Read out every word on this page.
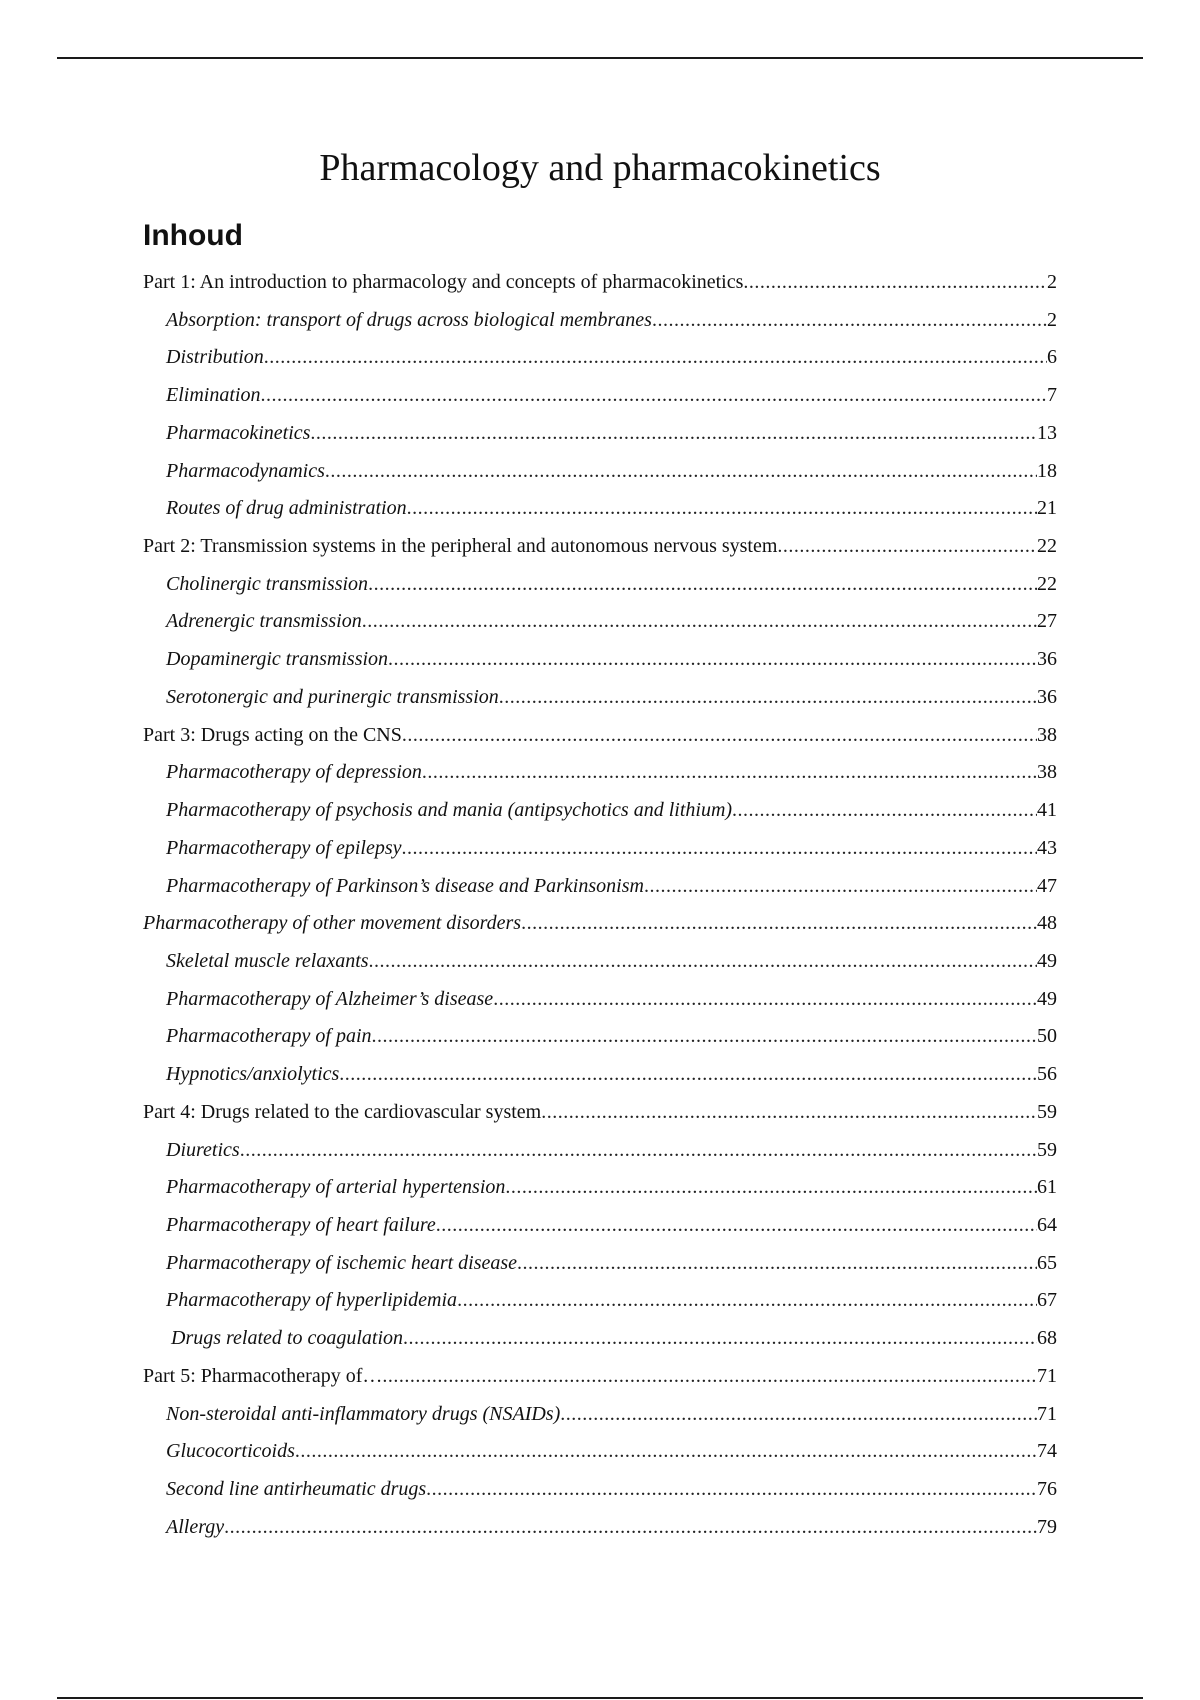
Pharmacology and pharmacokinetics
Inhoud
Part 1: An introduction to pharmacology and concepts of pharmacokinetics .....	2
Absorption: transport of drugs across biological membranes .....	2
Distribution .....	6
Elimination .....	7
Pharmacokinetics .....	13
Pharmacodynamics .....	18
Routes of drug administration .....	21
Part 2: Transmission systems in the peripheral and autonomous nervous system .....	22
Cholinergic transmission .....	22
Adrenergic transmission .....	27
Dopaminergic transmission .....	36
Serotonergic and purinergic transmission .....	36
Part 3: Drugs acting on the CNS .....	38
Pharmacotherapy of depression .....	38
Pharmacotherapy of psychosis and mania (antipsychotics and lithium) .....	41
Pharmacotherapy of epilepsy .....	43
Pharmacotherapy of Parkinson’s disease and Parkinsonism .....	47
Pharmacotherapy of other movement disorders .....	48
Skeletal muscle relaxants .....	49
Pharmacotherapy of Alzheimer’s disease .....	49
Pharmacotherapy of pain .....	50
Hypnotics/anxiolytics .....	56
Part 4: Drugs related to the cardiovascular system .....	59
Diuretics .....	59
Pharmacotherapy of arterial hypertension .....	61
Pharmacotherapy of heart failure .....	64
Pharmacotherapy of ischemic heart disease .....	65
Pharmacotherapy of hyperlipidemia .....	67
Drugs related to coagulation .....	68
Part 5: Pharmacotherapy of… .....	71
Non-steroidal anti-inflammatory drugs (NSAIDs) .....	71
Glucocorticoids .....	74
Second line antirheumatic drugs .....	76
Allergy .....	79
